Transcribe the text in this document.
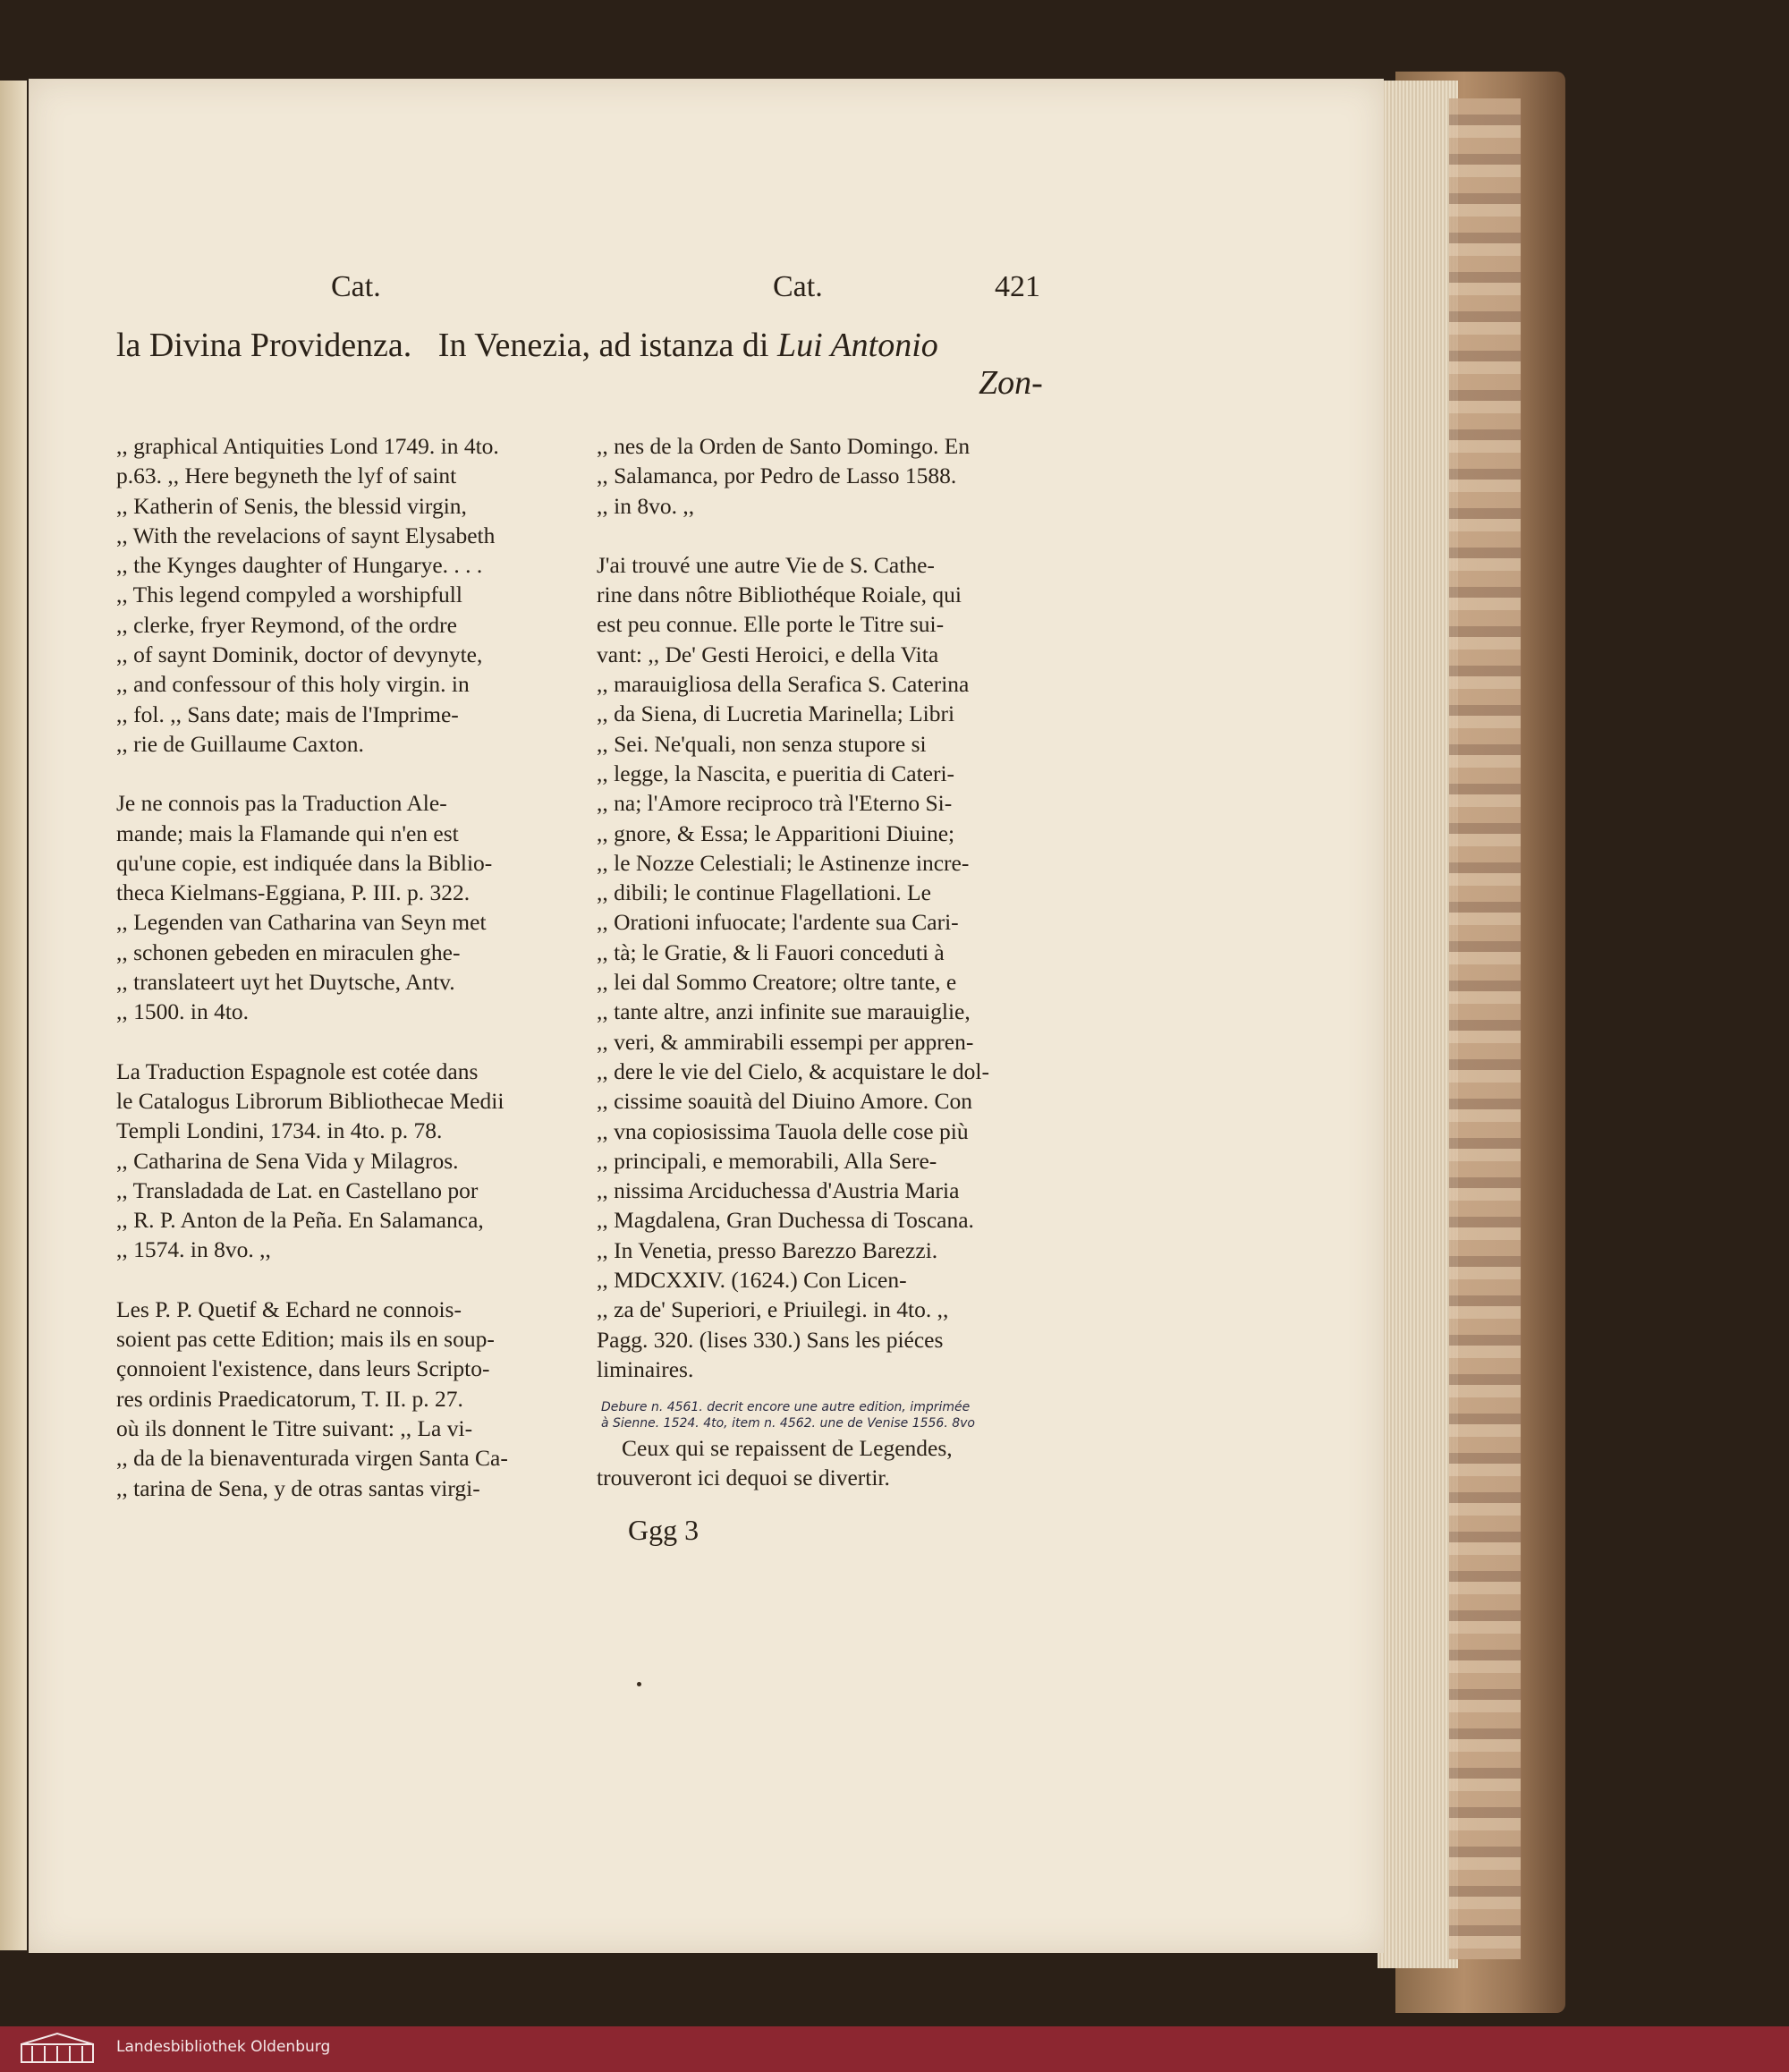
Cat.	Cat.	421
la Divina Providenza. In Venezia, ad istanza di Lui Antonio
Zon-
,, graphical Antiquities Lond 1749. in 4to.
p.63. ,, Here begyneth the lyf of saint
,, Katherin of Senis, the blessid virgin,
,, With the revelacions of saynt Elysabeth
,, the Kynges daughter of Hungarye. . . .
,, This legend compyled a worshipfull
,, clerke, fryer Reymond, of the ordre
,, of saynt Dominik, doctor of devynyte,
,, and confessour of this holy virgin. in
,, fol. ,, Sans date; mais de l'Imprime-
,, rie de Guillaume Caxton.
Je ne connois pas la Traduction Ale-
mande; mais la Flamande qui n'en est
qu'une copie, est indiquée dans la Biblio-
theca Kielmans-Eggiana, P. III. p. 322.
,, Legenden van Catharina van Seyn met
,, schonen gebeden en miraculen ghe-
,, translateert uyt het Duytsche, Antv.
,, 1500. in 4to.
La Traduction Espagnole est cotée dans
le Catalogus Librorum Bibliothecae Medii
Templi Londini, 1734. in 4to. p. 78.
,, Catharina de Sena Vida y Milagros.
,, Transladada de Lat. en Castellano por
,, R. P. Anton de la Peña. En Salamanca,
,, 1574. in 8vo. ,,
Les P. P. Quetif & Echard ne connois-
soient pas cette Edition; mais ils en soup-
çonnoient l'existence, dans leurs Scripto-
res ordinis Praedicatorum, T. II. p. 27.
où ils donnent le Titre suivant: ,, La vi-
,, da de la bienaventurada virgen Santa Ca-
,, tarina de Sena, y de otras santas virgi-
,, nes de la Orden de Santo Domingo. En
,, Salamanca, por Pedro de Lasso 1588.
,, in 8vo. ,,
J'ai trouvé une autre Vie de S. Cathe-
rine dans nôtre Bibliothéque Roiale, qui
est peu connue. Elle porte le Titre sui-
vant: ,, De' Gesti Heroici, e della Vita
,, marauigliosa della Serafica S. Caterina
,, da Siena, di Lucretia Marinella; Libri
,, Sei. Ne'quali, non senza stupore si
,, legge, la Nascita, e pueritia di Cateri-
,, na; l'Amore reciproco trà l'Eterno Si-
,, gnore, & Essa; le Apparitioni Diuine;
,, le Nozze Celestiali; le Astinenze incre-
,, dibili; le continue Flagellationi. Le
,, Orationi infuocate; l'ardente sua Cari-
,, tà; le Gratie, & li Fauori conceduti à
,, lei dal Sommo Creatore; oltre tante, e
,, tante altre, anzi infinite sue marauiglie,
,, veri, & ammirabili essempi per appren-
,, dere le vie del Cielo, & acquistare le dol-
,, cissime soauità del Diuino Amore. Con
,, vna copiosissima Tauola delle cose più
,, principali, e memorabili, Alla Sere-
,, nissima Arciduchessa d'Austria Maria
,, Magdalena, Gran Duchessa di Toscana.
,, In Venetia, presso Barezzo Barezzi.
,, MDCXXIV. (1624.) Con Licen-
,, za de' Superiori, e Priuilegi. in 4to. ,,
Pagg. 320. (lises 330.) Sans les piéces
liminaires.
Debure n. 4561. decrit encore une autre edition, imprimée
à Sienne. 1524. 4to, item n. 4562. une de Venise 1556. 8vo
Ceux qui se repaissent de Legendes,
trouveront ici dequoi se divertir.
Ggg 3
Landesbibliothek Oldenburg
